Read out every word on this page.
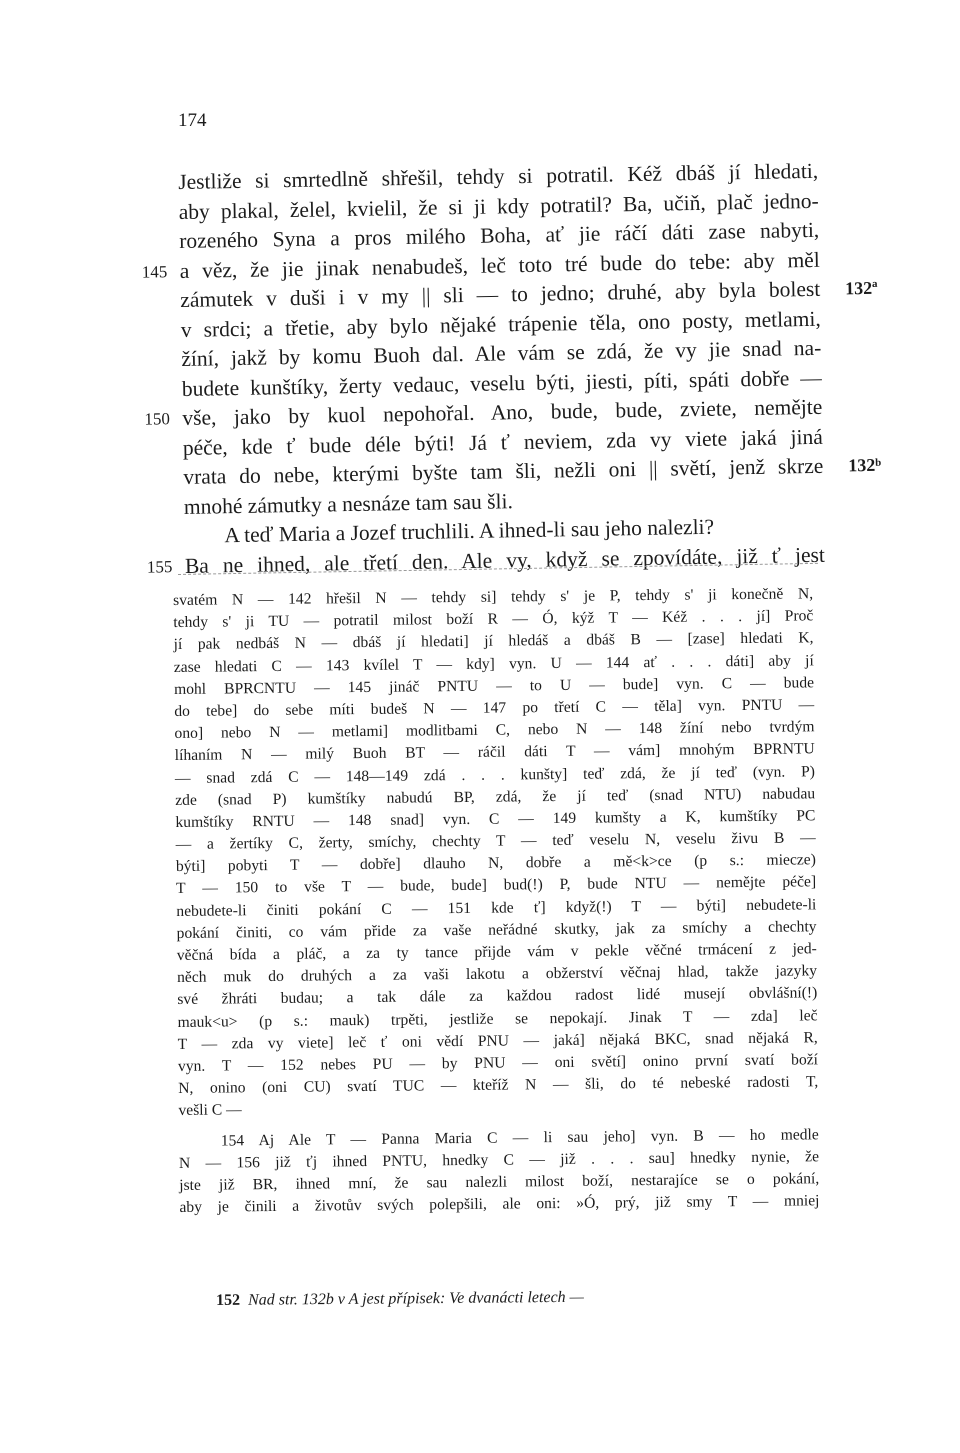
174
Jestliže si smrtedlně shřešil, tehdy si potratil. Kéž dbáš jí hledati,
aby plakal, želel, kvielil, že si ji kdy potratil? Ba, učiň, plač jedno-
rozeného Syna a pros milého Boha, ať jie ráčí dáti zase nabyti,
145 a věz, že jie jinak nenabudeš, leč toto tré bude do tebe: aby měl
zámutek v duši i v my || sli — to jedno; druhé, aby byla bolest 132ª
v srdci; a třetie, aby bylo nějaké trápenie těla, ono posty, metlami,
žíní, jakž by komu Buoh dal. Ale vám se zdá, že vy jie snad na-
budete kunštíky, žerty vedauc, veselu býti, jiesti, píti, spáti dobře —
150 vše, jako by kuol nepohořal. Ano, bude, bude, zviete, nemějte
péče, kde ť bude déle býti! Já ť neviem, zda vy viete jaká jiná
vrata do nebe, kterými byšte tam šli, nežli oni || světí, jenž skrze 132ᵇ
mnohé zámutky a nesnáze tam sau šli.
A teď Maria a Jozef truchlili. A ihned-li sau jeho nalezli?
155 Ba ne ihned, ale třetí den. Ale vy, když se zpovídáte, již ť jest
svatém N — 142 hřešil N — tehdy si] tehdy s' je P, tehdy s' ji konečně N,
tehdy s' ji TU — potratil milost boží R — Ó, kýž T — Kéž . . . jí] Proč
jí pak nedbáš N — dbáš jí hledati] jí hledáš a dbáš B — [zase] hledati K,
zase hledati C — 143 kvílel T — kdy] vyn. U — 144 ať . . . dáti] aby jí
mohl BPRCNTU — 145 jináč PNTU — to U — bude] vyn. C — bude
do tebe] do sebe míti budeš N — 147 po třetí C — těla] vyn. PNTU —
ono] nebo N — metlami] modlitbami C, nebo N — 148 žíní nebo tvrdým
líhaním N — milý Buoh BT — ráčil dáti T — vám] mnohým BPRNTU
— snad zdá C — 148—149 zdá . . . kunšty] teď zdá, že jí teď (vyn. P)
zde (snad P) kumštíky nabudú BP, zdá, že jí teď (snad NTU) nabudau
kumštíky RNTU — 148 snad] vyn. C — 149 kumšty a K, kumštíky PC
— a žertíky C, žerty, smíchy, chechty T — teď veselu N, veselu živu B —
býti] pobyti T — dobře] dlauho N, dobře a mě<k>ce (p s.: miecze)
T — 150 to vše T — bude, bude] bud(!) P, bude NTU — nemějte péče]
nebudete-li činiti pokání C — 151 kde ť] když(!) T — býti] nebudete-li
pokání činiti, co vám přide za vaše neřádné skutky, jak za smíchy a chechty
věčná bída a pláč, a za ty tance přijde vám v pekle věčné trmácení z jed-
něch muk do druhých a za vaši lakotu a obžerství věčnaj hlad, takže jazyky
své žhráti budau; a tak dále za každou radost lidé musejí obvlášní(!)
mauk<u> (p s.: mauk) trpěti, jestliže se nepokají. Jinak T — zda] leč
T — zda vy viete] leč ť oni vědí PNU — jaká] nějaká BKC, snad nějaká R,
vyn. T — 152 nebes PU — by PNU — oni světí] onino první svatí boží
N, onino (oni CU) svatí TUC — kteříž N — šli, do té nebeské radosti T,
vešli C —
154 Aj Ale T — Panna Maria C — li sau jeho] vyn. B — ho medle
N — 156 již ťj ihned PNTU, hnedky C — již . . . sau] hnedky nynie, že
jste již BR, ihned mní, že sau nalezli milost boží, nestarajíce se o pokání,
aby je činili a životův svých polepšili, ale oni: »Ó, prý, již smy T — mniej
152 Nad str. 132b v A jest přípisek: Ve dvanácti letech —
